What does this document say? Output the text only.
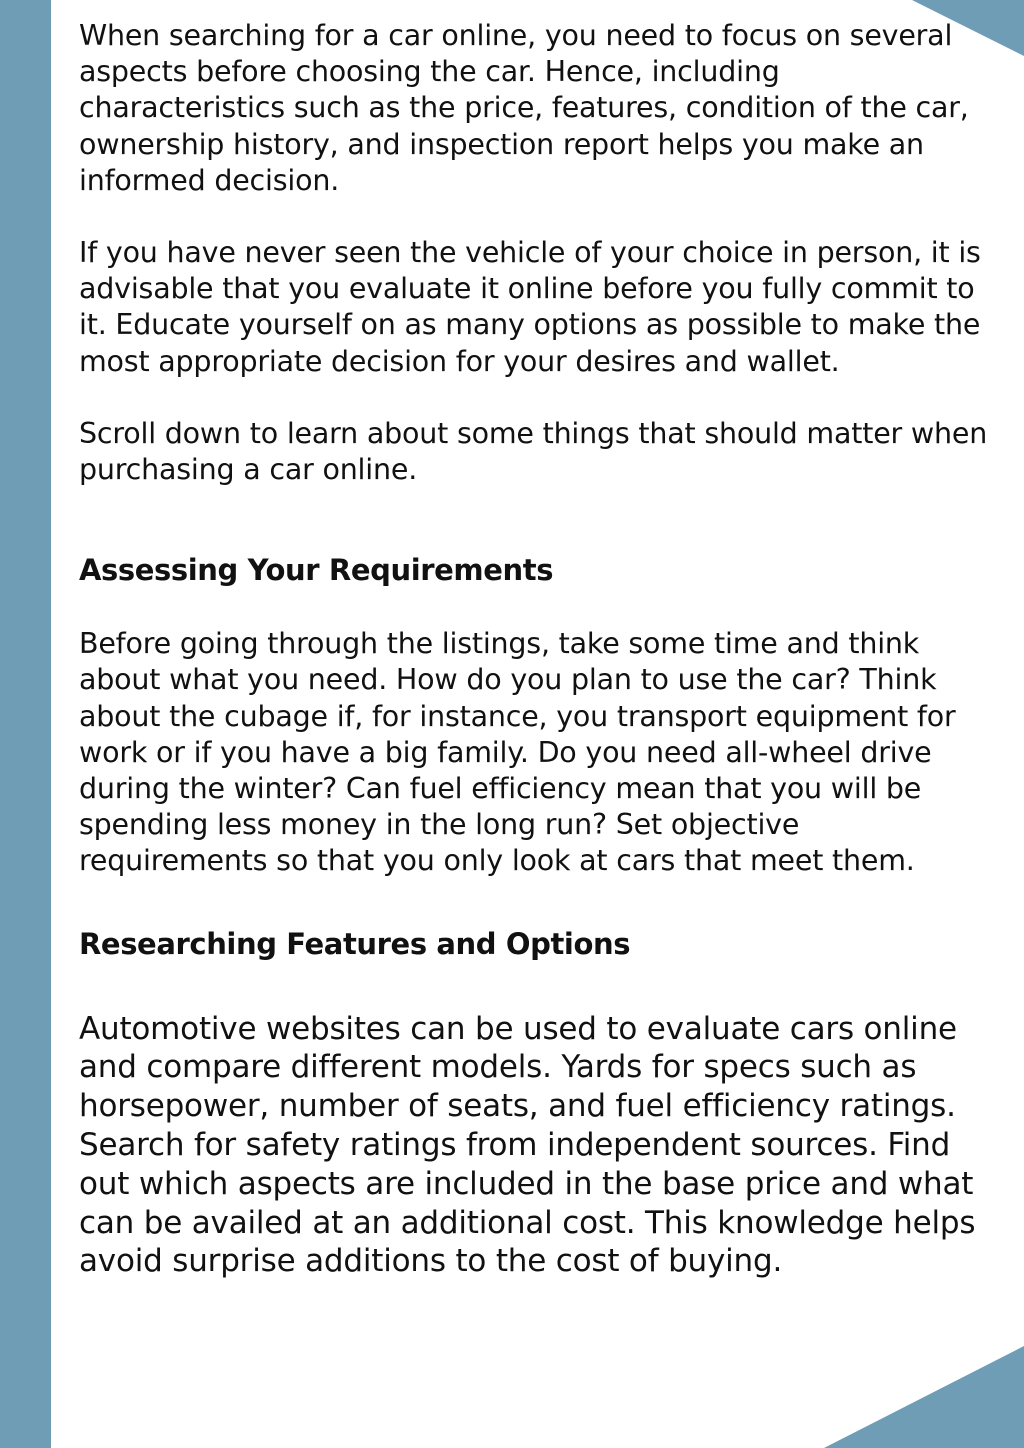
When searching for a car online, you need to focus on several aspects before choosing the car. Hence, including characteristics such as the price, features, condition of the car, ownership history, and inspection report helps you make an informed decision.

If you have never seen the vehicle of your choice in person, it is advisable that you evaluate it online before you fully commit to it. Educate yourself on as many options as possible to make the most appropriate decision for your desires and wallet.

Scroll down to learn about some things that should matter when purchasing a car online.

Assessing Your Requirements

Before going through the listings, take some time and think about what you need. How do you plan to use the car? Think about the cubage if, for instance, you transport equipment for work or if you have a big family. Do you need all-wheel drive during the winter? Can fuel efficiency mean that you will be spending less money in the long run? Set objective requirements so that you only look at cars that meet them.

Researching Features and Options

Automotive websites can be used to evaluate cars online and compare different models. Yards for specs such as horsepower, number of seats, and fuel efficiency ratings. Search for safety ratings from independent sources. Find out which aspects are included in the base price and what can be availed at an additional cost. This knowledge helps avoid surprise additions to the cost of buying.
